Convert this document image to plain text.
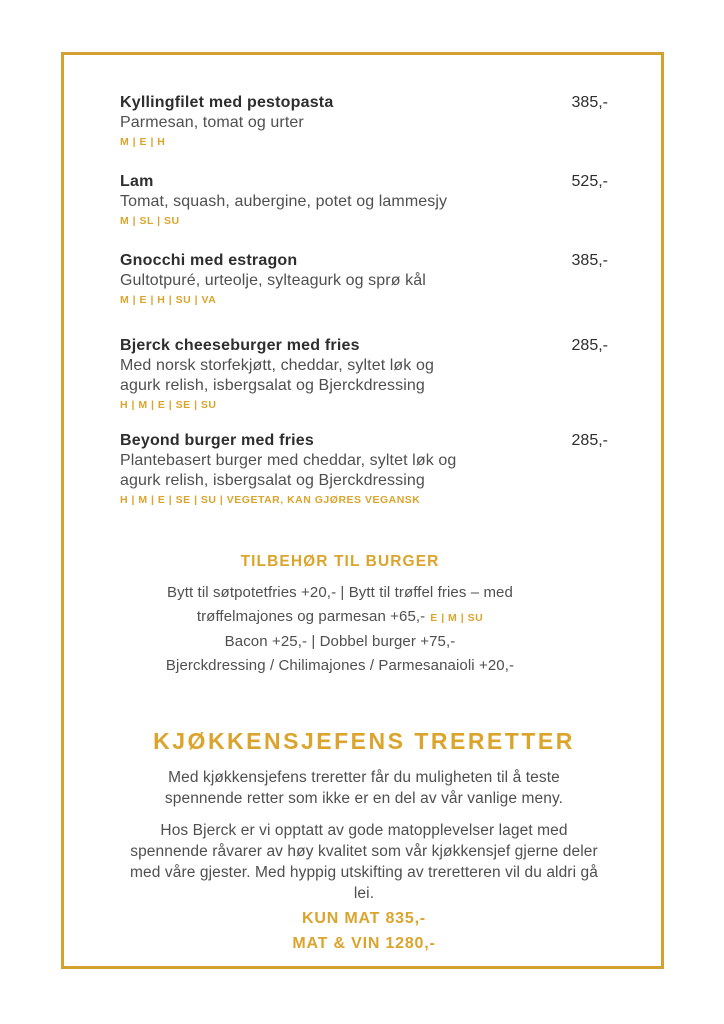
Kyllingfilet med pestopasta	385,-
Parmesan, tomat og urter
M | E | H
Lam	525,-
Tomat, squash, aubergine, potet og lammesjy
M | SL | SU
Gnocchi med estragon	385,-
Gultotpuré, urteolje, sylteagurk og sprø kål
M | E | H | SU | VA
Bjerck cheeseburger med fries	285,-
Med norsk storfekjøtt, cheddar, syltet løk og agurk relish, isbergsalat og Bjerckdressing
H | M | E | SE | SU
Beyond burger med fries	285,-
Plantebasert burger med cheddar, syltet løk og agurk relish, isbergsalat og Bjerckdressing
H | M | E | SE | SU | VEGETAR, KAN GJØRES VEGANSK
TILBEHØR TIL BURGER
Bytt til søtpotetfries +20,- | Bytt til trøffel fries – med
trøffelmajones og parmesan +65,- E | M | SU
Bacon +25,- | Dobbel burger +75,-
Bjerckdressing / Chilimajones / Parmesanaioli +20,-
KJØKKENSJEFENS TRERETTER

Med kjøkkensjefens treretter får du muligheten til å teste spennende retter som ikke er en del av vår vanlige meny.

Hos Bjerck er vi opptatt av gode matopplevelser laget med spennende råvarer av høy kvalitet som vår kjøkkensjef gjerne deler med våre gjester. Med hyppig utskifting av treretteren vil du aldri gå lei.

KUN MAT 835,-
MAT & VIN 1280,-
